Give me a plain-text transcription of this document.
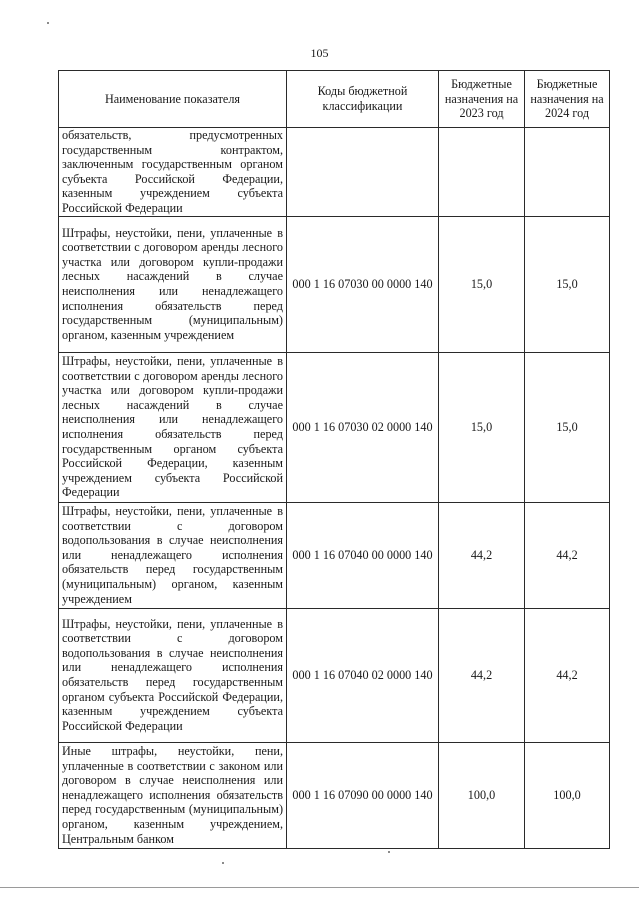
105
Наименование показателя	Коды бюджетной классификации	Бюджетные назначения на 2023 год	Бюджетные назначения на 2024 год
обязательств, предусмотренных государственным контрактом, заключенным государственным органом субъекта Российской Федерации, казенным учреждением субъекта Российской Федерации			
Штрафы, неустойки, пени, уплаченные в соответствии с договором аренды лесного участка или договором купли-продажи лесных насаждений в случае неисполнения или ненадлежащего исполнения обязательств перед государственным (муниципальным) органом, казенным учреждением	000 1 16 07030 00 0000 140	15,0	15,0
Штрафы, неустойки, пени, уплаченные в соответствии с договором аренды лесного участка или договором купли-продажи лесных насаждений в случае неисполнения или ненадлежащего исполнения обязательств перед государственным органом субъекта Российской Федерации, казенным учреждением субъекта Российской Федерации	000 1 16 07030 02 0000 140	15,0	15,0
Штрафы, неустойки, пени, уплаченные в соответствии с договором водопользования в случае неисполнения или ненадлежащего исполнения обязательств перед государственным (муниципальным) органом, казенным учреждением	000 1 16 07040 00 0000 140	44,2	44,2
Штрафы, неустойки, пени, уплаченные в соответствии с договором водопользования в случае неисполнения или ненадлежащего исполнения обязательств перед государственным органом субъекта Российской Федерации, казенным учреждением субъекта Российской Федерации	000 1 16 07040 02 0000 140	44,2	44,2
Иные штрафы, неустойки, пени, уплаченные в соответствии с законом или договором в случае неисполнения или ненадлежащего исполнения обязательств перед государственным (муниципальным) органом, казенным учреждением, Центральным банком	000 1 16 07090 00 0000 140	100,0	100,0
